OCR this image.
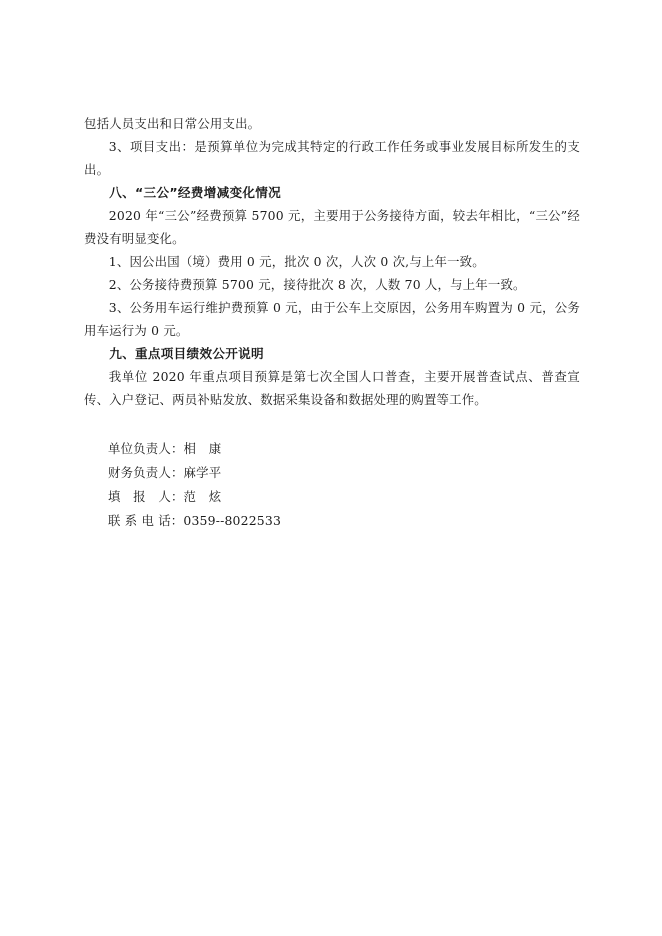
包括人员支出和日常公用支出。

3、项目支出：是预算单位为完成其特定的行政工作任务或事业发展目标所发生的支出。

八、“三公”经费增减变化情况

2020 年“三公”经费预算 5700 元，主要用于公务接待方面，较去年相比，“三公”经费没有明显变化。

1、因公出国（境）费用 0 元，批次 0 次，人次 0 次,与上年一致。

2、公务接待费预算 5700 元，接待批次 8 次，人数 70 人，与上年一致。

3、公务用车运行维护费预算 0 元，由于公车上交原因，公务用车购置为 0 元，公务用车运行为 0 元。

九、重点项目绩效公开说明

我单位 2020 年重点项目预算是第七次全国人口普查，主要开展普查试点、普查宣传、入户登记、两员补贴发放、数据采集设备和数据处理的购置等工作。

单位负责人：相　康

财务负责人：麻学平

填　报　人：范　炫

联 系 电 话：0359--8022533
